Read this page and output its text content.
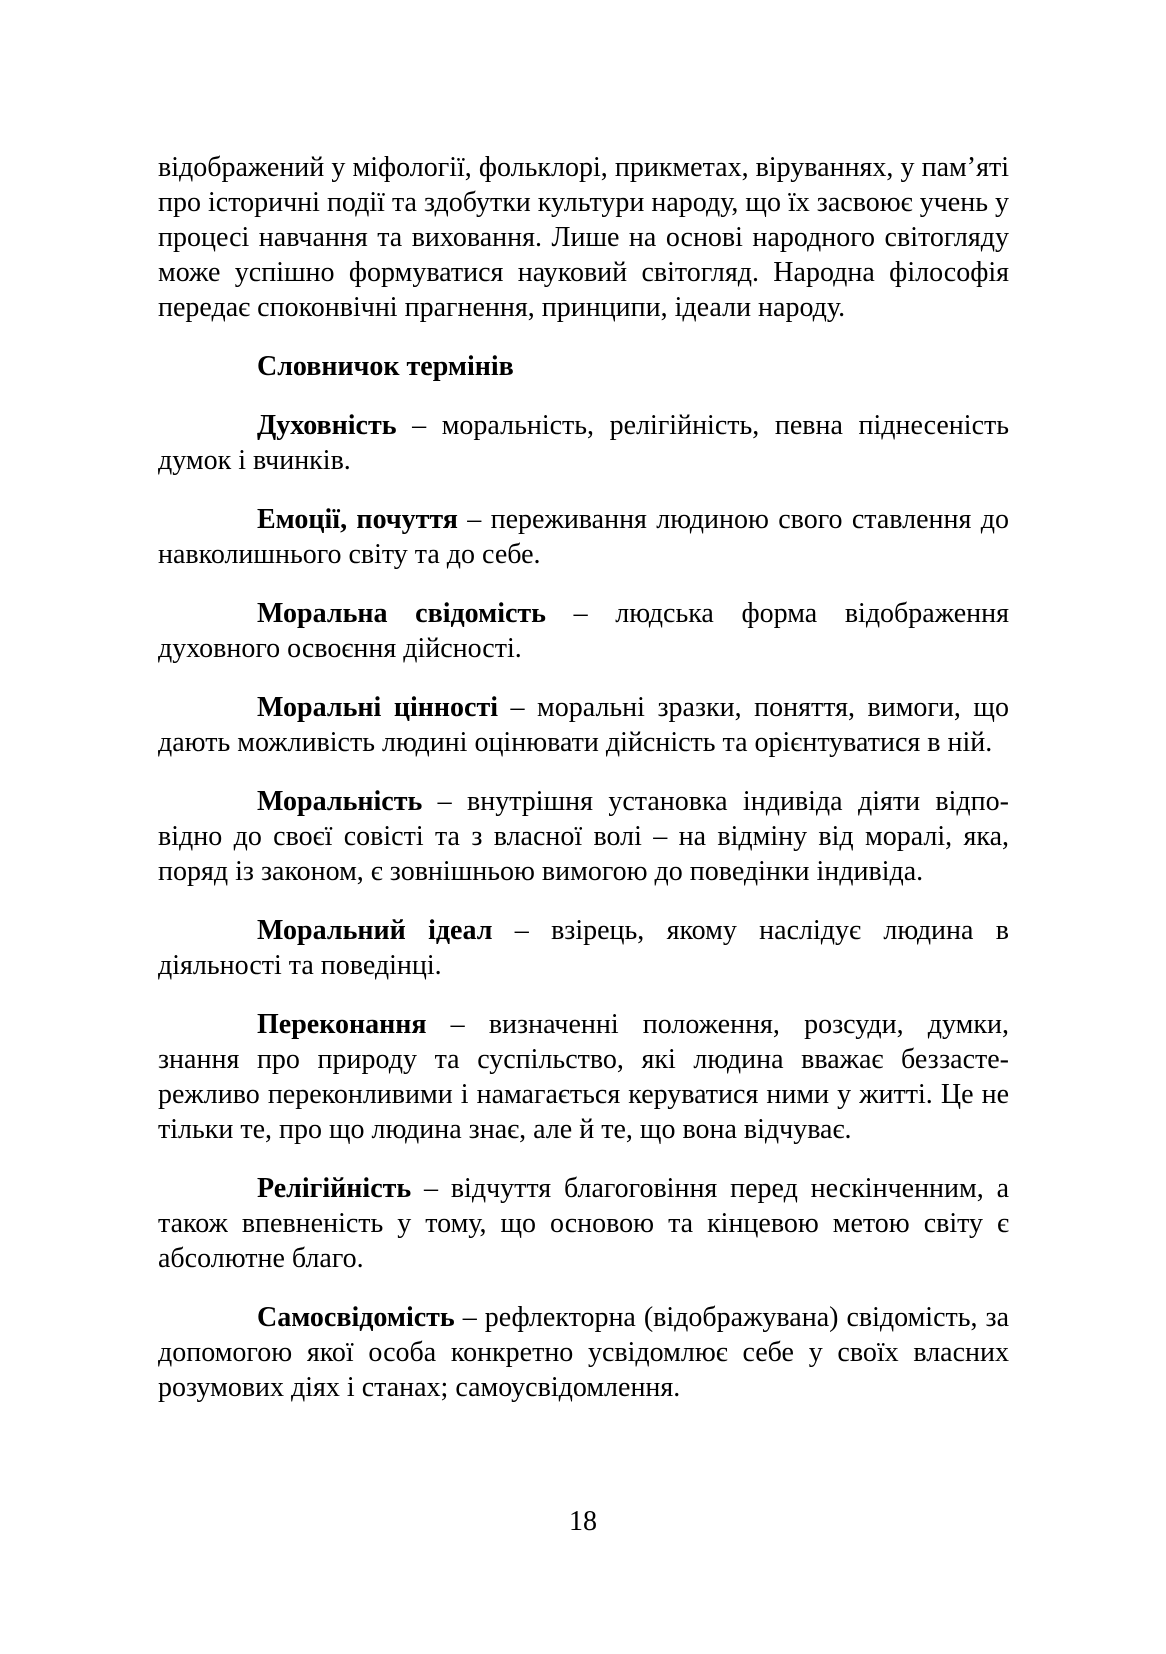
відображений у міфології, фольклорі, прикметах, віруваннях, у пам’яті про історичні події та здобутки культури народу, що їх засвоює учень у процесі навчання та виховання. Лише на основі народного світогляду може успішно формуватися науковий світогляд. Народна філософія передає споконвічні прагнення, принципи, ідеали народу.

Словничок термінів

Духовність – моральність, релігійність, певна піднесеність думок і вчинків.

Емоції, почуття – переживання людиною свого ставлення до навколишнього світу та до себе.

Моральна свідомість – людська форма відображення духовного освоєння дійсності.

Моральні цінності – моральні зразки, поняття, вимоги, що дають можливість людині оцінювати дійсність та орієнтуватися в ній.

Моральність – внутрішня установка індивіда діяти відповідно до своєї совісті та з власної волі – на відміну від моралі, яка, поряд із законом, є зовнішньою вимогою до поведінки індивіда.

Моральний ідеал – взірець, якому наслідує людина в діяльності та поведінці.

Переконання – визначенні положення, розсуди, думки, знання про природу та суспільство, які людина вважає беззастережливо переконливими і намагається керуватися ними у житті. Це не тільки те, про що людина знає, але й те, що вона відчуває.

Релігійність – відчуття благоговіння перед нескінченним, а також впевненість у тому, що основою та кінцевою метою світу є абсолютне благо.

Самосвідомість – рефлекторна (відображувана) свідомість, за допомогою якої особа конкретно усвідомлює себе у своїх власних розумових діях і станах; самоусвідомлення.

18
